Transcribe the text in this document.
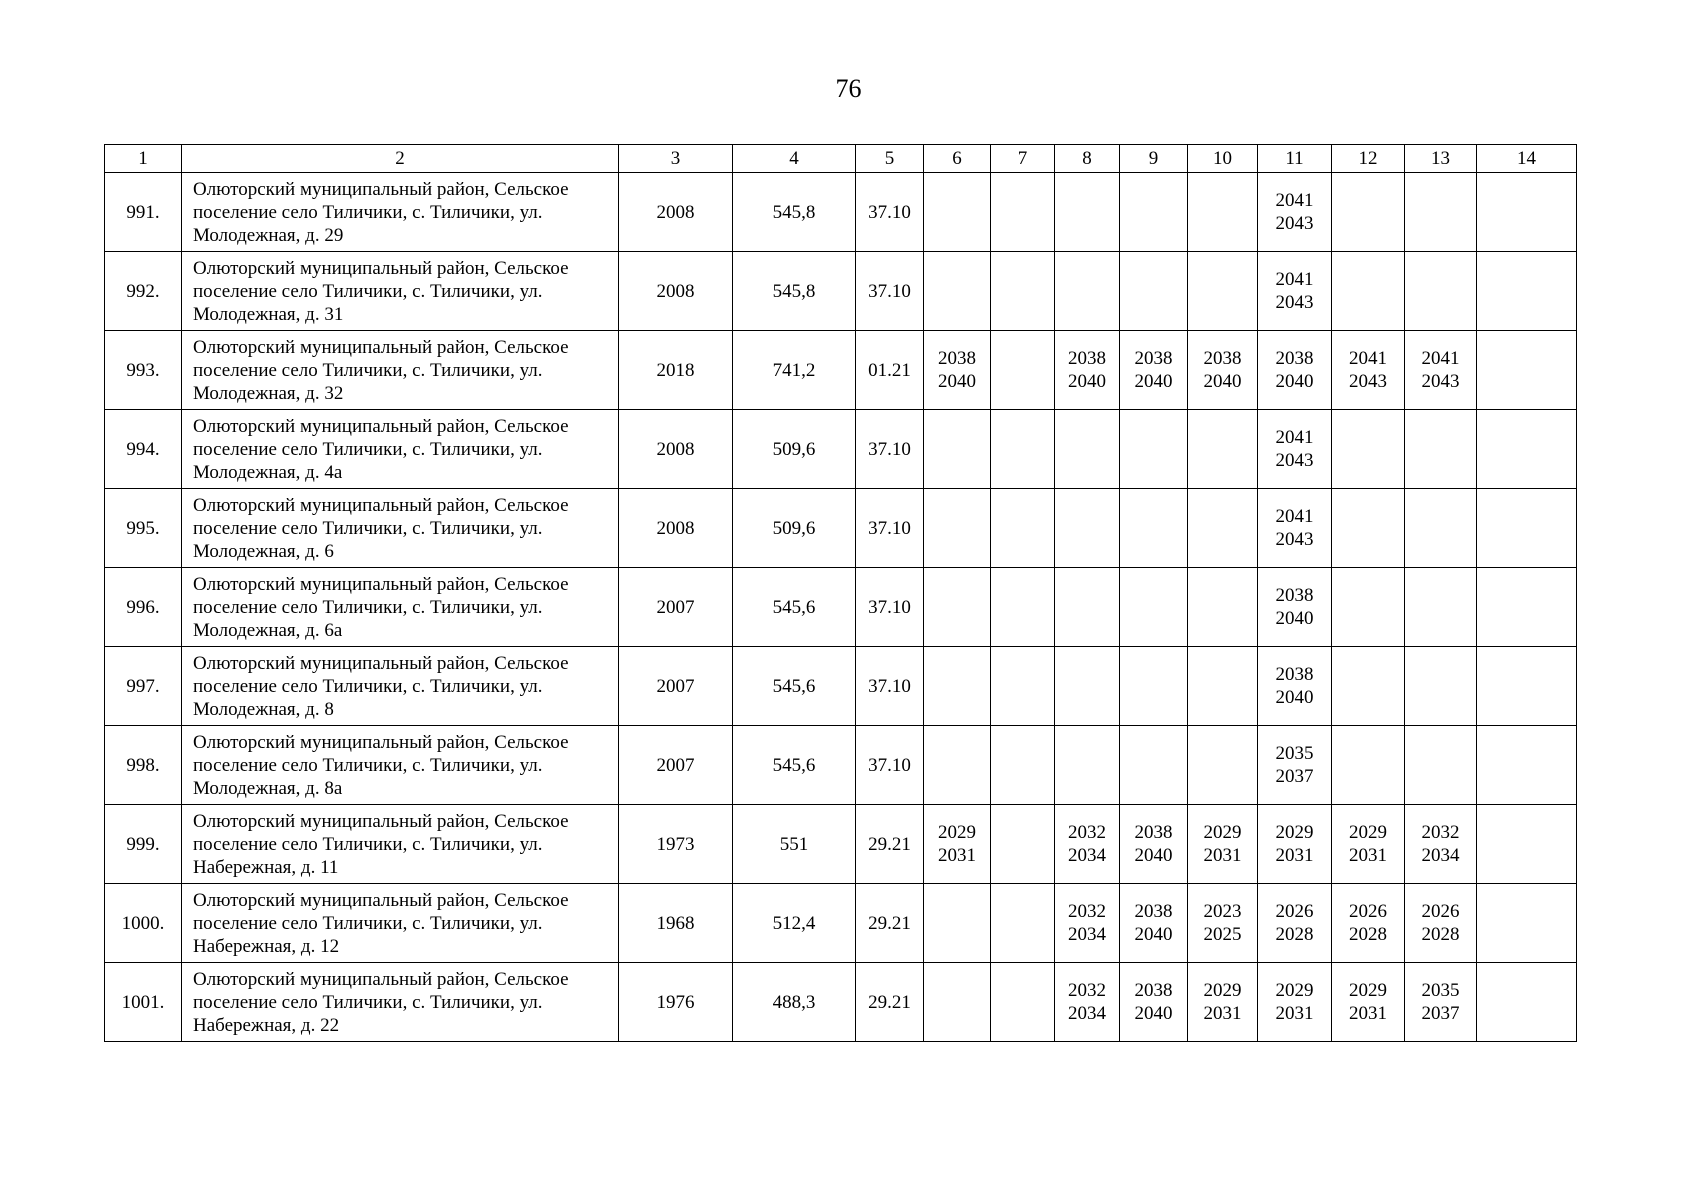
76
1	2	3	4	5	6	7	8	9	10	11	12	13	14
991.	Олюторский муниципальный район, Сельское
поселение село Тиличики, с. Тиличики, ул.
Молодежная, д. 29	2008	545,8	37.10						2041
2043			

992.	Олюторский муниципальный район, Сельское
поселение село Тиличики, с. Тиличики, ул.
Молодежная, д. 31	2008	545,8	37.10						2041
2043			

993.	Олюторский муниципальный район, Сельское
поселение село Тиличики, с. Тиличики, ул.
Молодежная, д. 32	2018	741,2	01.21	2038
2040		2038
2040	2038
2040	2038
2040	2038
2040	2041
2043	2041
2043	

994.	Олюторский муниципальный район, Сельское
поселение село Тиличики, с. Тиличики, ул.
Молодежная, д. 4а	2008	509,6	37.10						2041
2043			

995.	Олюторский муниципальный район, Сельское
поселение село Тиличики, с. Тиличики, ул.
Молодежная, д. 6	2008	509,6	37.10						2041
2043			

996.	Олюторский муниципальный район, Сельское
поселение село Тиличики, с. Тиличики, ул.
Молодежная, д. 6а	2007	545,6	37.10						2038
2040			

997.	Олюторский муниципальный район, Сельское
поселение село Тиличики, с. Тиличики, ул.
Молодежная, д. 8	2007	545,6	37.10						2038
2040			

998.	Олюторский муниципальный район, Сельское
поселение село Тиличики, с. Тиличики, ул.
Молодежная, д. 8а	2007	545,6	37.10						2035
2037			

999.	Олюторский муниципальный район, Сельское
поселение село Тиличики, с. Тиличики, ул.
Набережная, д. 11	1973	551	29.21	2029
2031		2032
2034	2038
2040	2029
2031	2029
2031	2029
2031	2032
2034	

1000.	Олюторский муниципальный район, Сельское
поселение село Тиличики, с. Тиличики, ул.
Набережная, д. 12	1968	512,4	29.21			2032
2034	2038
2040	2023
2025	2026
2028	2026
2028	2026
2028	

1001.	Олюторский муниципальный район, Сельское
поселение село Тиличики, с. Тиличики, ул.
Набережная, д. 22	1976	488,3	29.21			2032
2034	2038
2040	2029
2031	2029
2031	2029
2031	2035
2037	
